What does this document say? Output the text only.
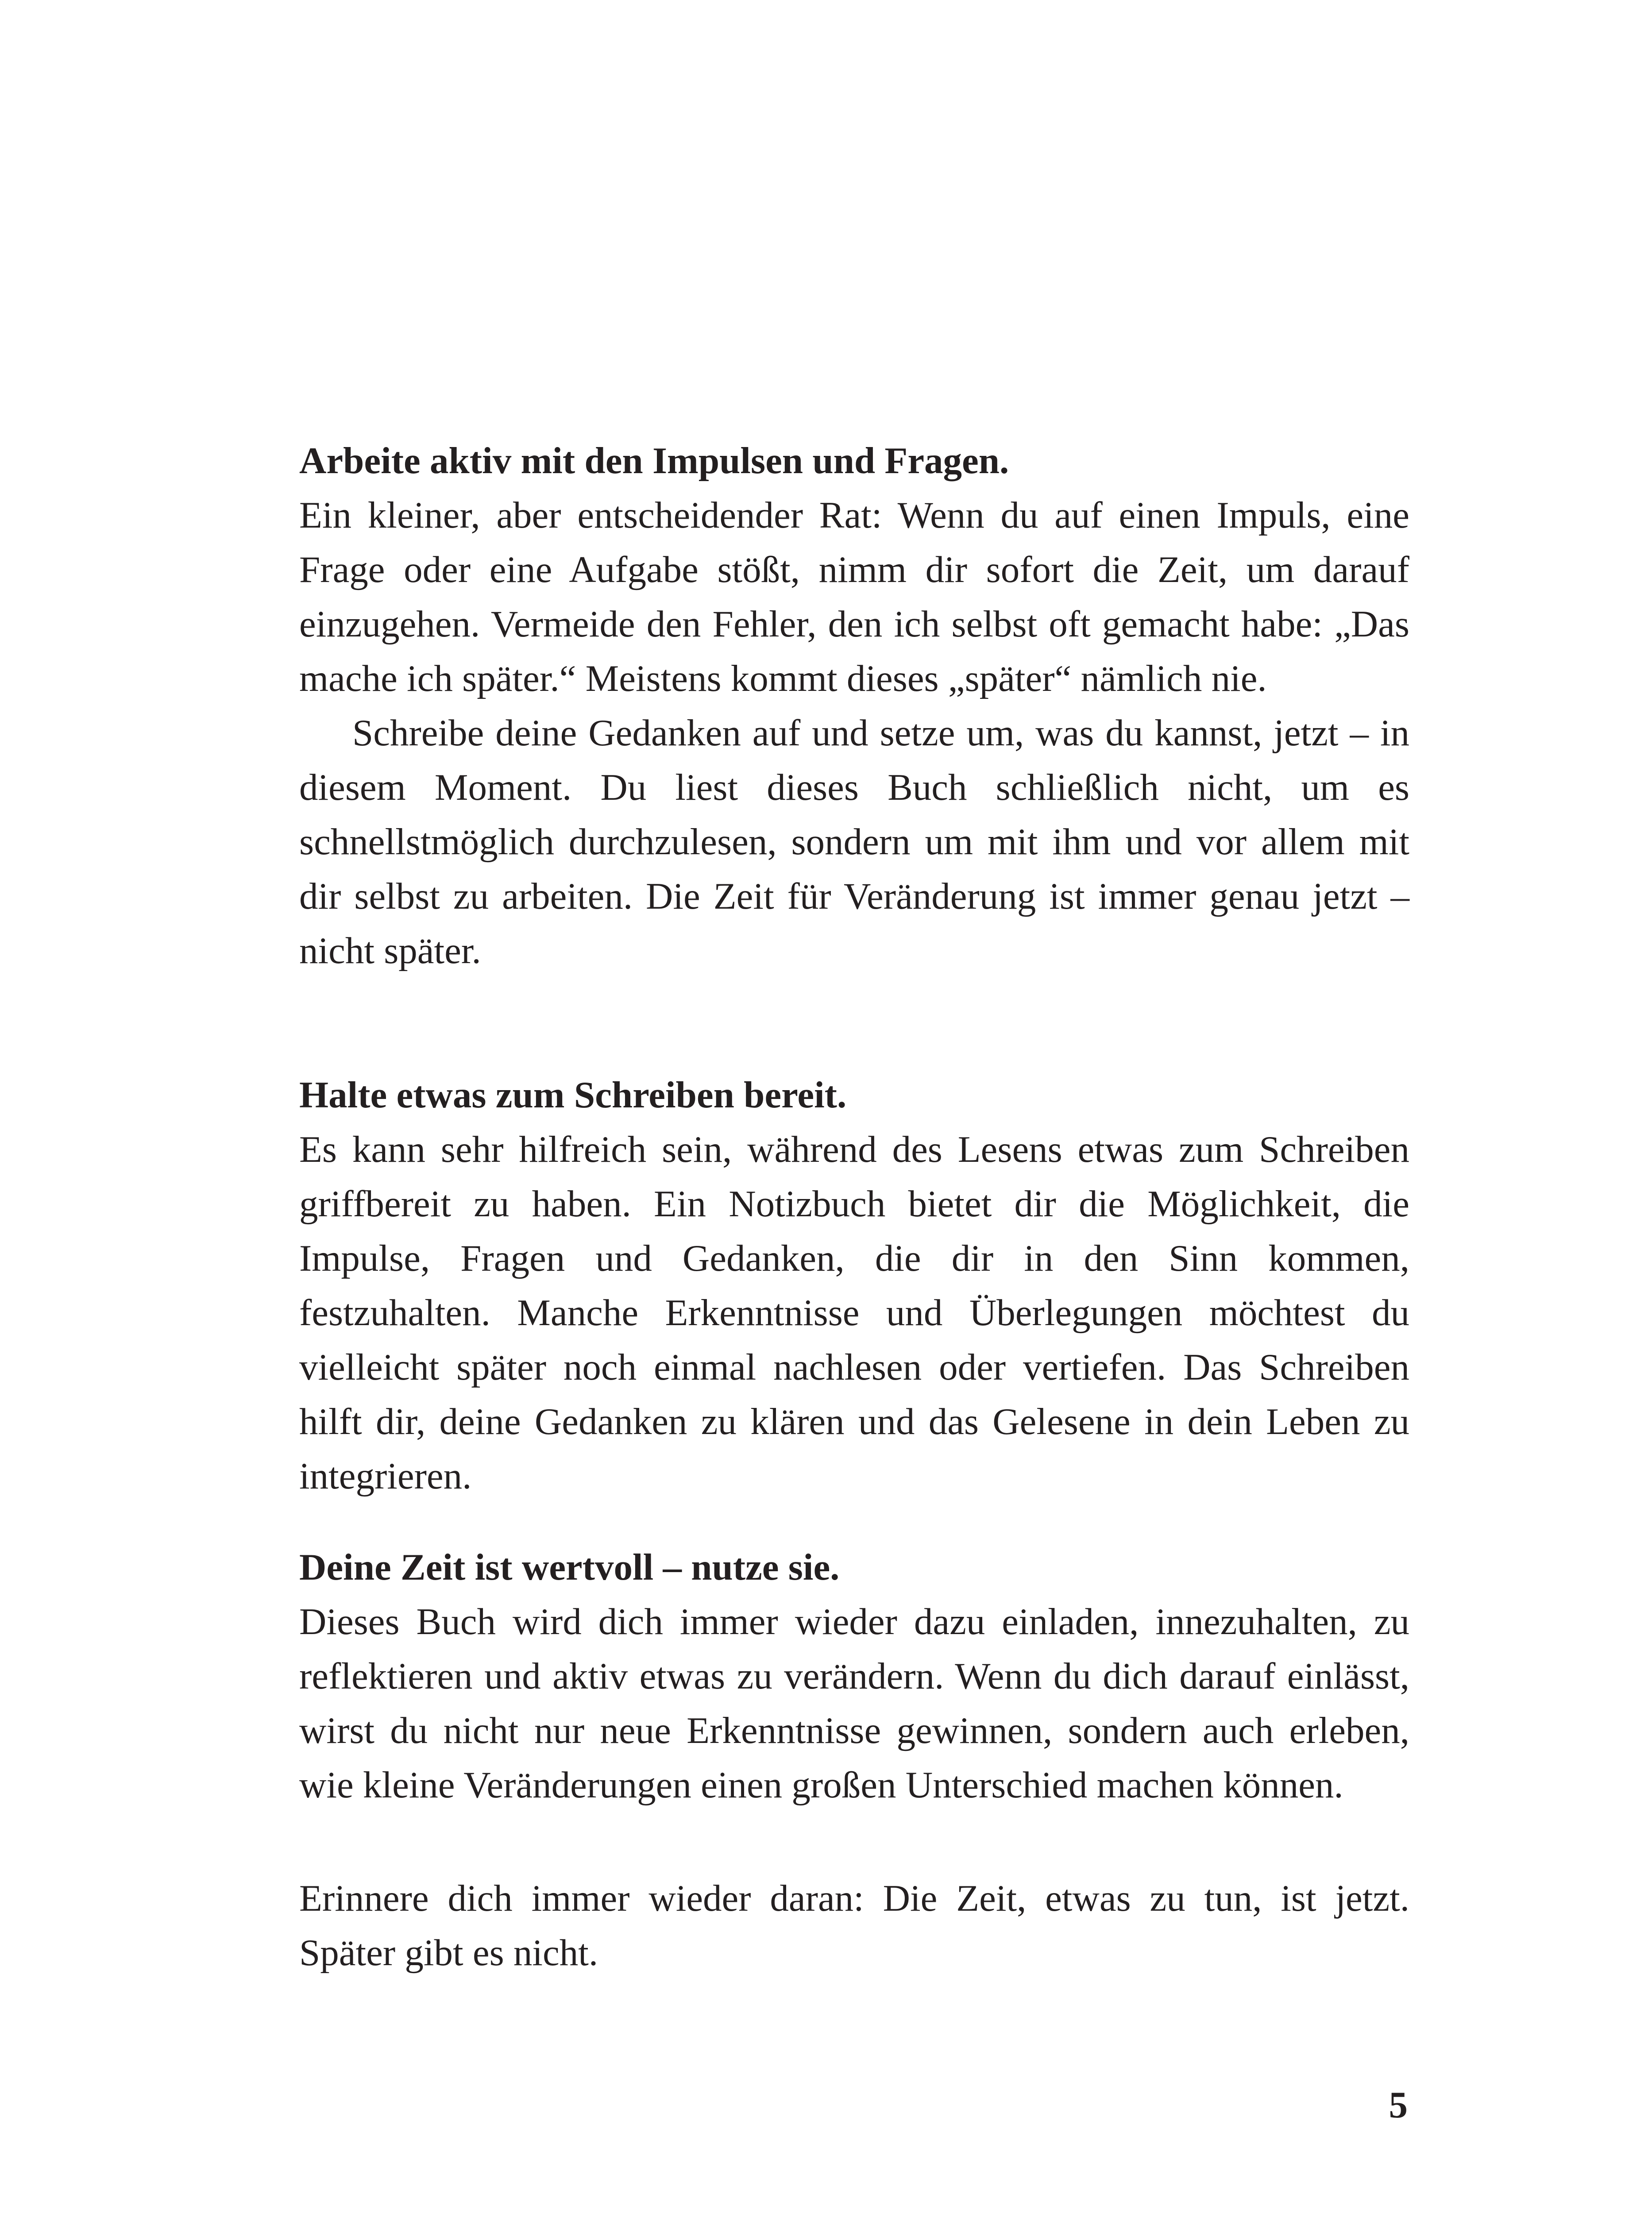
Arbeite aktiv mit den Impulsen und Fragen.

Ein kleiner, aber entscheidender Rat: Wenn du auf einen Impuls, eine Frage oder eine Aufgabe stößt, nimm dir sofort die Zeit, um darauf einzugehen. Vermeide den Fehler, den ich selbst oft gemacht habe: „Das mache ich später.“ Meistens kommt dieses „später“ nämlich nie.

Schreibe deine Gedanken auf und setze um, was du kannst, jetzt – in diesem Moment. Du liest dieses Buch schließlich nicht, um es schnellstmöglich durchzulesen, sondern um mit ihm und vor allem mit dir selbst zu arbeiten. Die Zeit für Veränderung ist immer genau jetzt – nicht später.

Halte etwas zum Schreiben bereit.

Es kann sehr hilfreich sein, während des Lesens etwas zum Schreiben griffbereit zu haben. Ein Notizbuch bietet dir die Möglichkeit, die Impulse, Fragen und Gedanken, die dir in den Sinn kommen, festzuhalten. Manche Erkenntnisse und Überlegungen möchtest du vielleicht später noch einmal nachlesen oder vertiefen. Das Schreiben hilft dir, deine Gedanken zu klären und das Gelesene in dein Leben zu integrieren.

Deine Zeit ist wertvoll – nutze sie.

Dieses Buch wird dich immer wieder dazu einladen, innezuhalten, zu reflektieren und aktiv etwas zu verändern. Wenn du dich darauf einlässt, wirst du nicht nur neue Erkenntnisse gewinnen, sondern auch erleben, wie kleine Veränderungen einen großen Unterschied machen können.

Erinnere dich immer wieder daran: Die Zeit, etwas zu tun, ist jetzt. Später gibt es nicht.

5
